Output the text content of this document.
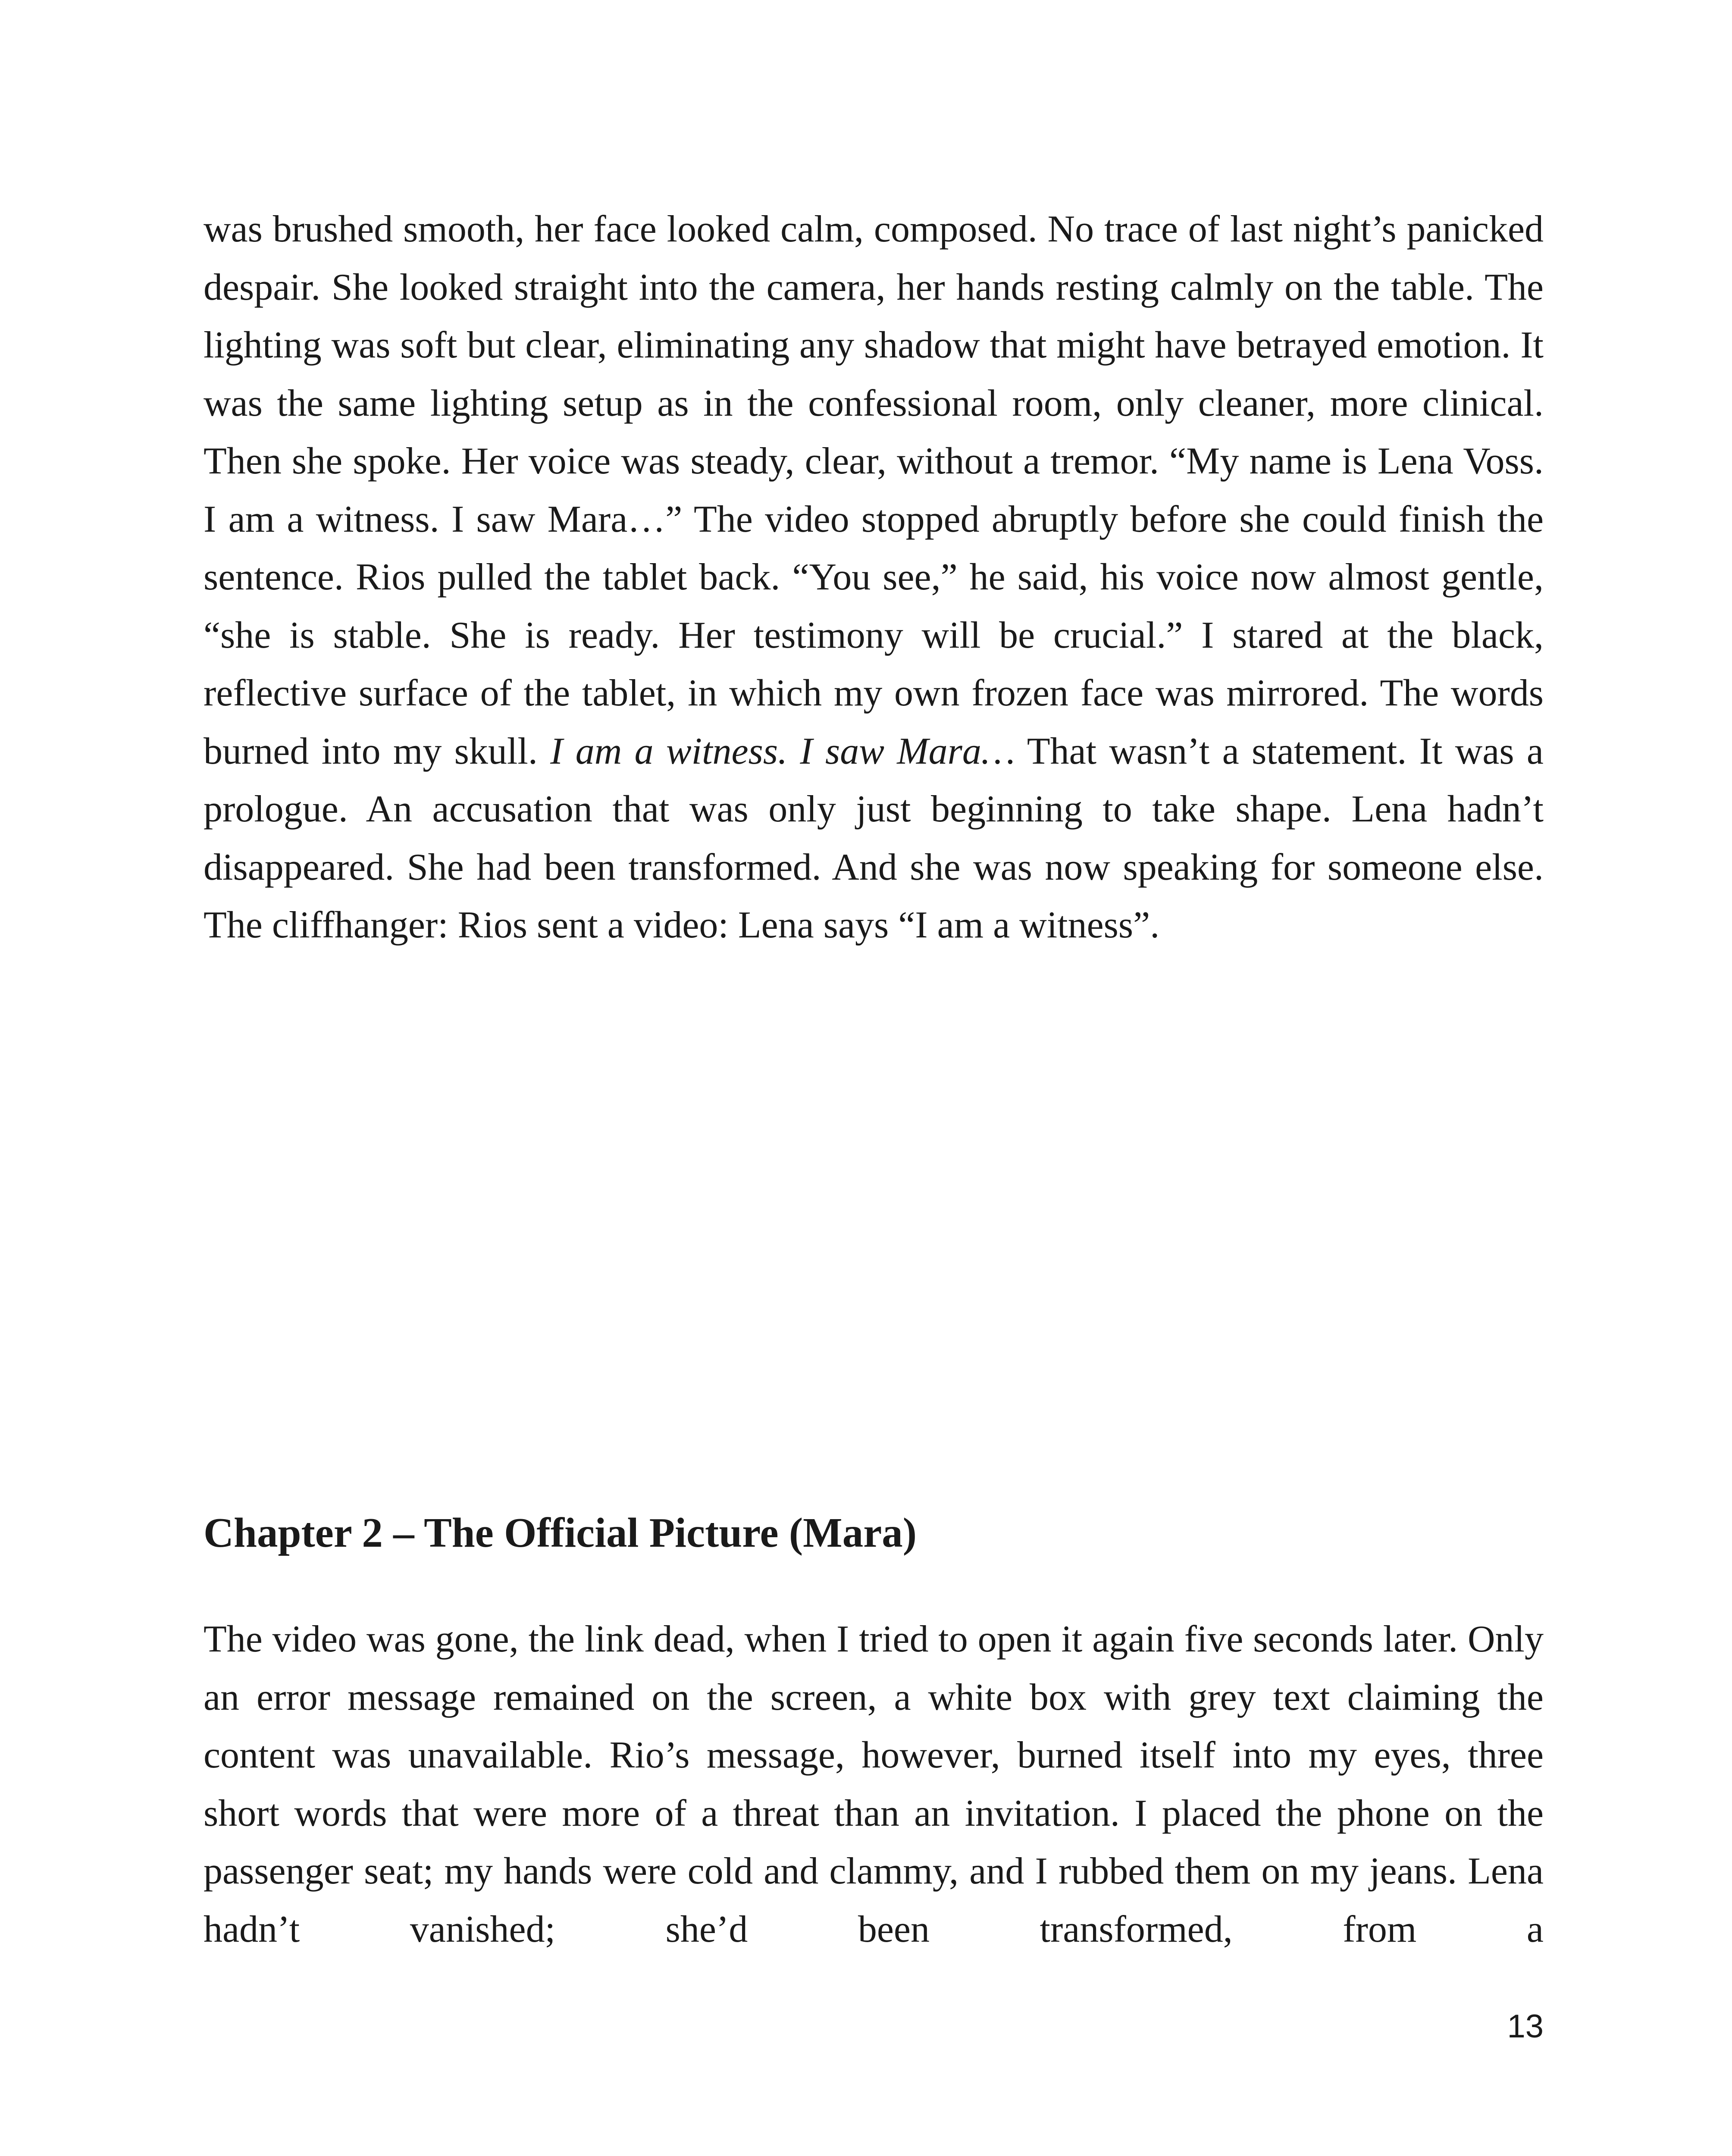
was brushed smooth, her face looked calm, composed. No trace of last night’s panicked despair. She looked straight into the camera, her hands resting calmly on the table. The lighting was soft but clear, eliminating any shadow that might have betrayed emotion. It was the same lighting setup as in the confessional room, only cleaner, more clinical. Then she spoke. Her voice was steady, clear, without a tremor. “My name is Lena Voss. I am a witness. I saw Mara…” The video stopped abruptly before she could finish the sentence. Rios pulled the tablet back. “You see,” he said, his voice now almost gentle, “she is stable. She is ready. Her testimony will be crucial.” I stared at the black, reflective surface of the tablet, in which my own frozen face was mirrored. The words burned into my skull. I am a witness. I saw Mara… That wasn’t a statement. It was a prologue. An accusation that was only just beginning to take shape. Lena hadn’t disappeared. She had been transformed. And she was now speaking for someone else. The cliffhanger: Rios sent a video: Lena says “I am a witness”.

Chapter 2 – The Official Picture (Mara)

The video was gone, the link dead, when I tried to open it again five seconds later. Only an error message remained on the screen, a white box with grey text claiming the content was unavailable. Rio’s message, however, burned itself into my eyes, three short words that were more of a threat than an invitation. I placed the phone on the passenger seat; my hands were cold and clammy, and I rubbed them on my jeans. Lena hadn’t vanished; she’d been transformed, from a

13
